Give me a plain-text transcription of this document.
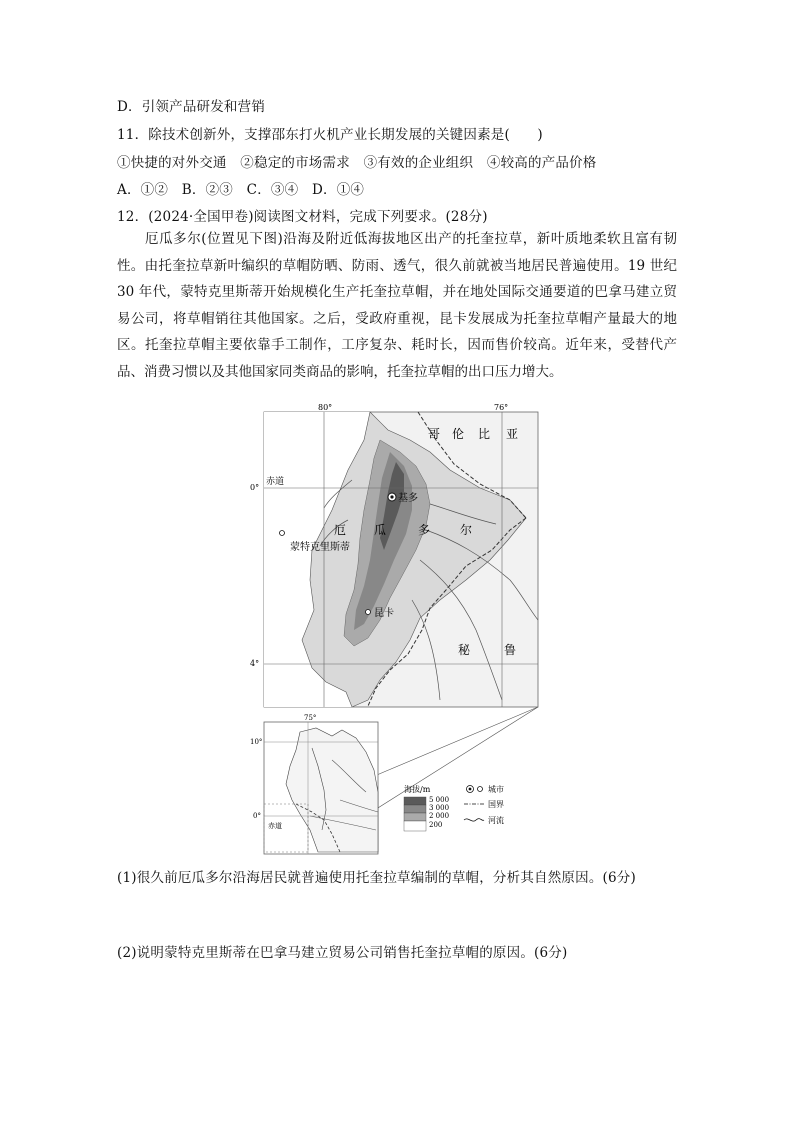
D．引领产品研发和营销
11．除技术创新外，支撑邵东打火机产业长期发展的关键因素是(　　)
①快捷的对外交通　②稳定的市场需求　③有效的企业组织　④较高的产品价格
A．①②　B．②③　C．③④　D．①④
12．(2024·全国甲卷)阅读图文材料，完成下列要求。(28分)

厄瓜多尔(位置见下图)沿海及附近低海拔地区出产的托奎拉草，新叶质地柔软且富有韧性。由托奎拉草新叶编织的草帽防晒、防雨、透气，很久前就被当地居民普遍使用。19 世纪30 年代，蒙特克里斯蒂开始规模化生产托奎拉草帽，并在地处国际交通要道的巴拿马建立贸易公司，将草帽销往其他国家。之后，受政府重视，昆卡发展成为托奎拉草帽产量最大的地区。托奎拉草帽主要依靠手工制作，工序复杂、耗时长，因而售价较高。近年来，受替代产品、消费习惯以及其他国家同类商品的影响，托奎拉草帽的出口压力增大。

80°	76°
0°
4°
赤道
哥 伦 比 亚
厄 瓜	多 尔
秘	鲁
基多
蒙特克里斯蒂
昆卡
75°
10°
0°
赤道
海拔/m
5 000
3 000
2 000
200
城市
国界
河流
(1)很久前厄瓜多尔沿海居民就普遍使用托奎拉草编制的草帽，分析其自然原因。(6分)
(2)说明蒙特克里斯蒂在巴拿马建立贸易公司销售托奎拉草帽的原因。(6分)
